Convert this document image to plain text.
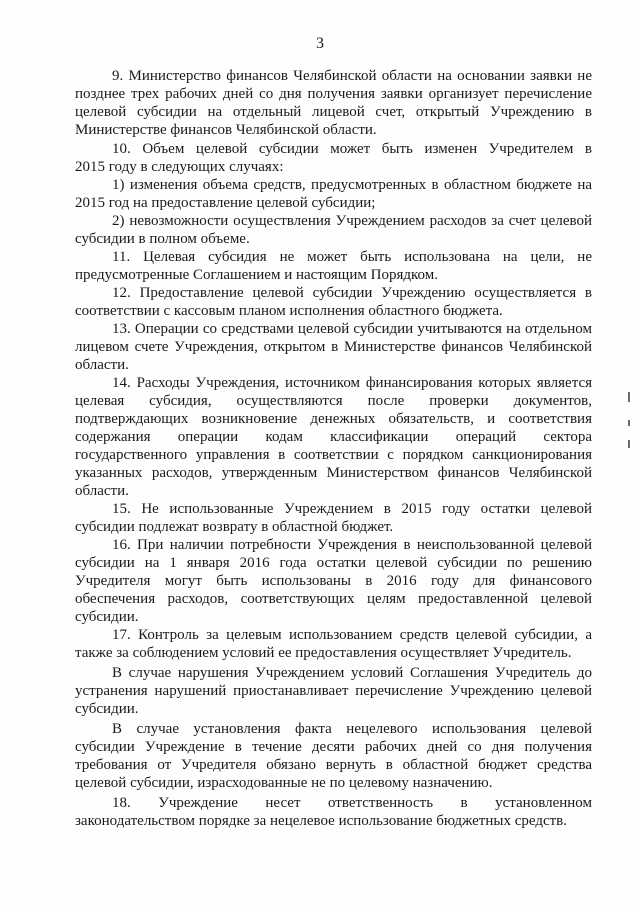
3
9. Министерство финансов Челябинской области на основании заявки не
позднее трех рабочих дней со дня получения заявки организует перечисление
целевой субсидии на отдельный лицевой счет, открытый Учреждению в
Министерстве финансов Челябинской области.
10. Объем целевой субсидии может быть изменен Учредителем в
2015 году в следующих случаях:
1) изменения объема средств, предусмотренных в областном бюджете на
2015 год на предоставление целевой субсидии;
2) невозможности осуществления Учреждением расходов за счет целевой
субсидии в полном объеме.
11. Целевая субсидия не может быть использована на цели, не
предусмотренные Соглашением и настоящим Порядком.
12. Предоставление целевой субсидии Учреждению осуществляется в
соответствии с кассовым планом исполнения областного бюджета.
13. Операции со средствами целевой субсидии учитываются на отдельном
лицевом счете Учреждения, открытом в Министерстве финансов Челябинской
области.
14. Расходы Учреждения, источником финансирования которых является
целевая субсидия, осуществляются после проверки документов,
подтверждающих возникновение денежных обязательств, и соответствия
содержания операции кодам классификации операций сектора
государственного управления в соответствии с порядком санкционирования
указанных расходов, утвержденным Министерством финансов Челябинской
области.
15. Не использованные Учреждением в 2015 году остатки целевой
субсидии подлежат возврату в областной бюджет.
16. При наличии потребности Учреждения в неиспользованной целевой
субсидии на 1 января 2016 года остатки целевой субсидии по решению
Учредителя могут быть использованы в 2016 году для финансового
обеспечения расходов, соответствующих целям предоставленной целевой
субсидии.
17. Контроль за целевым использованием средств целевой субсидии, а
также за соблюдением условий ее предоставления осуществляет Учредитель.
В случае нарушения Учреждением условий Соглашения Учредитель до
устранения нарушений приостанавливает перечисление Учреждению целевой
субсидии.
В случае установления факта нецелевого использования целевой
субсидии Учреждение в течение десяти рабочих дней со дня получения
требования от Учредителя обязано вернуть в областной бюджет средства
целевой субсидии, израсходованные не по целевому назначению.
18. Учреждение несет ответственность в установленном
законодательством порядке за нецелевое использование бюджетных средств.
